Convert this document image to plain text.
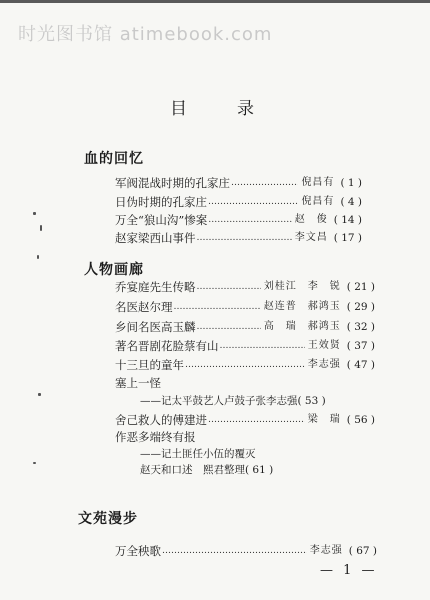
时光图书馆 atimebook.com
目录
血的回忆
军阀混战时期的孔家庄 ……………………………………………………………………………………………………………………………………	倪昌有 ( 1 )
日伪时期的孔家庄 ……………………………………………………………………………………………………………………………………	倪昌有 ( 4 )
万全“狼山沟”惨案 ……………………………………………………………………………………………………………………………………	赵　俊 ( 14 )
赵家梁西山事件 ……………………………………………………………………………………………………………………………………	李文昌 ( 17 )
人物画廊
乔宴庭先生传略 ……………………………………………………………………………………………………………………………………	刘桂江　李　锐 ( 21 )
名医赵尔理 ……………………………………………………………………………………………………………………………………	赵连普　郝鸿玉 ( 29 )
乡间名医高玉麟 ……………………………………………………………………………………………………………………………………	高　瑞　郝鸿玉 ( 32 )
著名晋剧花脸蔡有山 ……………………………………………………………………………………………………………………………………	王效贤 ( 37 )
十三旦的童年 ……………………………………………………………………………………………………………………………………	李志强 ( 47 )
塞上一怪
——记太平鼓艺人卢鼓子张 李志强 ( 53 )
舍己救人的傅建进 ……………………………………………………………………………………………………………………………………	梁　瑞 ( 56 )
作恶多端终有报
——记土匪任小伍的覆灭
赵天和口述　熙君整理 ( 61 )
文苑漫步
万全秧歌 ……………………………………………………………………………………………………………………………………	李志强 ( 67 )
— 1 —
